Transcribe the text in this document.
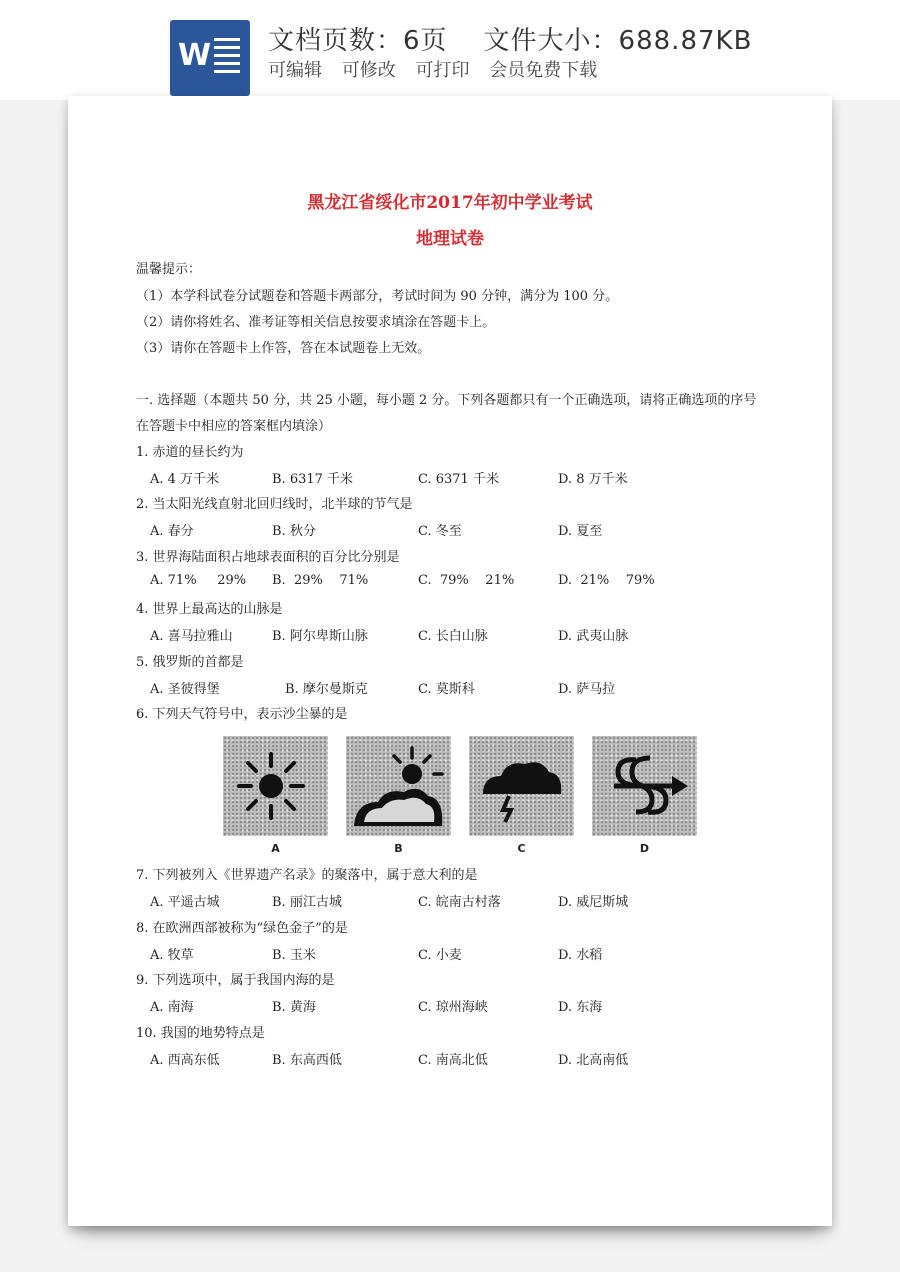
W 文档页数：6页 文件大小：688.87KB
可编辑 可修改 可打印 会员免费下载
黑龙江省绥化市2017年初中学业考试
地理试卷
温馨提示：
（1）本学科试卷分试题卷和答题卡两部分，考试时间为 90 分钟，满分为 100 分。
（2）请你将姓名、准考证等相关信息按要求填涂在答题卡上。
（3）请你在答题卡上作答，答在本试题卷上无效。
一. 选择题（本题共 50 分，共 25 小题，每小题 2 分。下列各题都只有一个正确选项，请将正确选项的序号
在答题卡中相应的答案框内填涂）
1. 赤道的昼长约为
A. 4 万千米	B. 6317 千米	C. 6371 千米	D. 8 万千米
2. 当太阳光线直射北回归线时，北半球的节气是
A. 春分	B. 秋分	C. 冬至	D. 夏至
3. 世界海陆面积占地球表面积的百分比分别是

A. 71%     29%

B.  29%    71%

	C.  79%    21%

	D.  21%    79%

4. 世界上最高达的山脉是
A. 喜马拉雅山	B. 阿尔卑斯山脉	C. 长白山脉	D. 武夷山脉
5. 俄罗斯的首都是
A. 圣彼得堡	B. 摩尔曼斯克	C. 莫斯科	D. 萨马拉
6. 下列天气符号中，表示沙尘暴的是
A	B	C	D
7. 下列被列入《世界遗产名录》的聚落中，属于意大利的是
A. 平遥古城	B. 丽江古城	C. 皖南古村落	D. 威尼斯城
8. 在欧洲西部被称为“绿色金子”的是
A. 牧草	B. 玉米	C. 小麦	D. 水稻
9. 下列选项中，属于我国内海的是
A. 南海	B. 黄海	C. 琼州海峡	D. 东海
10. 我国的地势特点是
A. 西高东低	B. 东高西低	C. 南高北低	D. 北高南低
